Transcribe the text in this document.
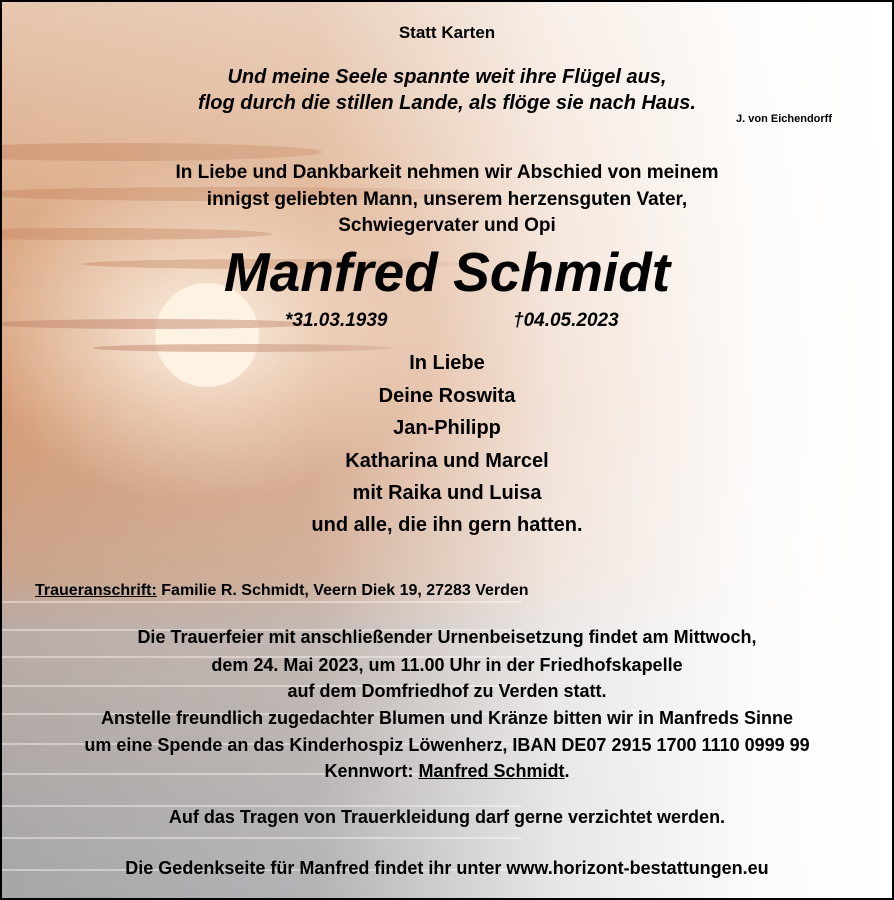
Statt Karten
Und meine Seele spannte weit ihre Flügel aus,
flog durch die stillen Lande, als flöge sie nach Haus.
J. von Eichendorff
In Liebe und Dankbarkeit nehmen wir Abschied von meinem
innigst geliebten Mann, unserem herzensguten Vater,
Schwiegervater und Opi
Manfred Schmidt
*31.03.1939	†04.05.2023
In Liebe
Deine Roswita
Jan-Philipp
Katharina und Marcel
mit Raika und Luisa
und alle, die ihn gern hatten.
Traueranschrift: Familie R. Schmidt, Veern Diek 19, 27283 Verden
Die Trauerfeier mit anschließender Urnenbeisetzung findet am Mittwoch,
dem 24. Mai 2023, um 11.00 Uhr in der Friedhofskapelle
auf dem Domfriedhof zu Verden statt.
Anstelle freundlich zugedachter Blumen und Kränze bitten wir in Manfreds Sinne
um eine Spende an das Kinderhospiz Löwenherz, IBAN DE07 2915 1700 1110 0999 99
Kennwort: Manfred Schmidt.
Auf das Tragen von Trauerkleidung darf gerne verzichtet werden.
Die Gedenkseite für Manfred findet ihr unter www.horizont-bestattungen.eu
